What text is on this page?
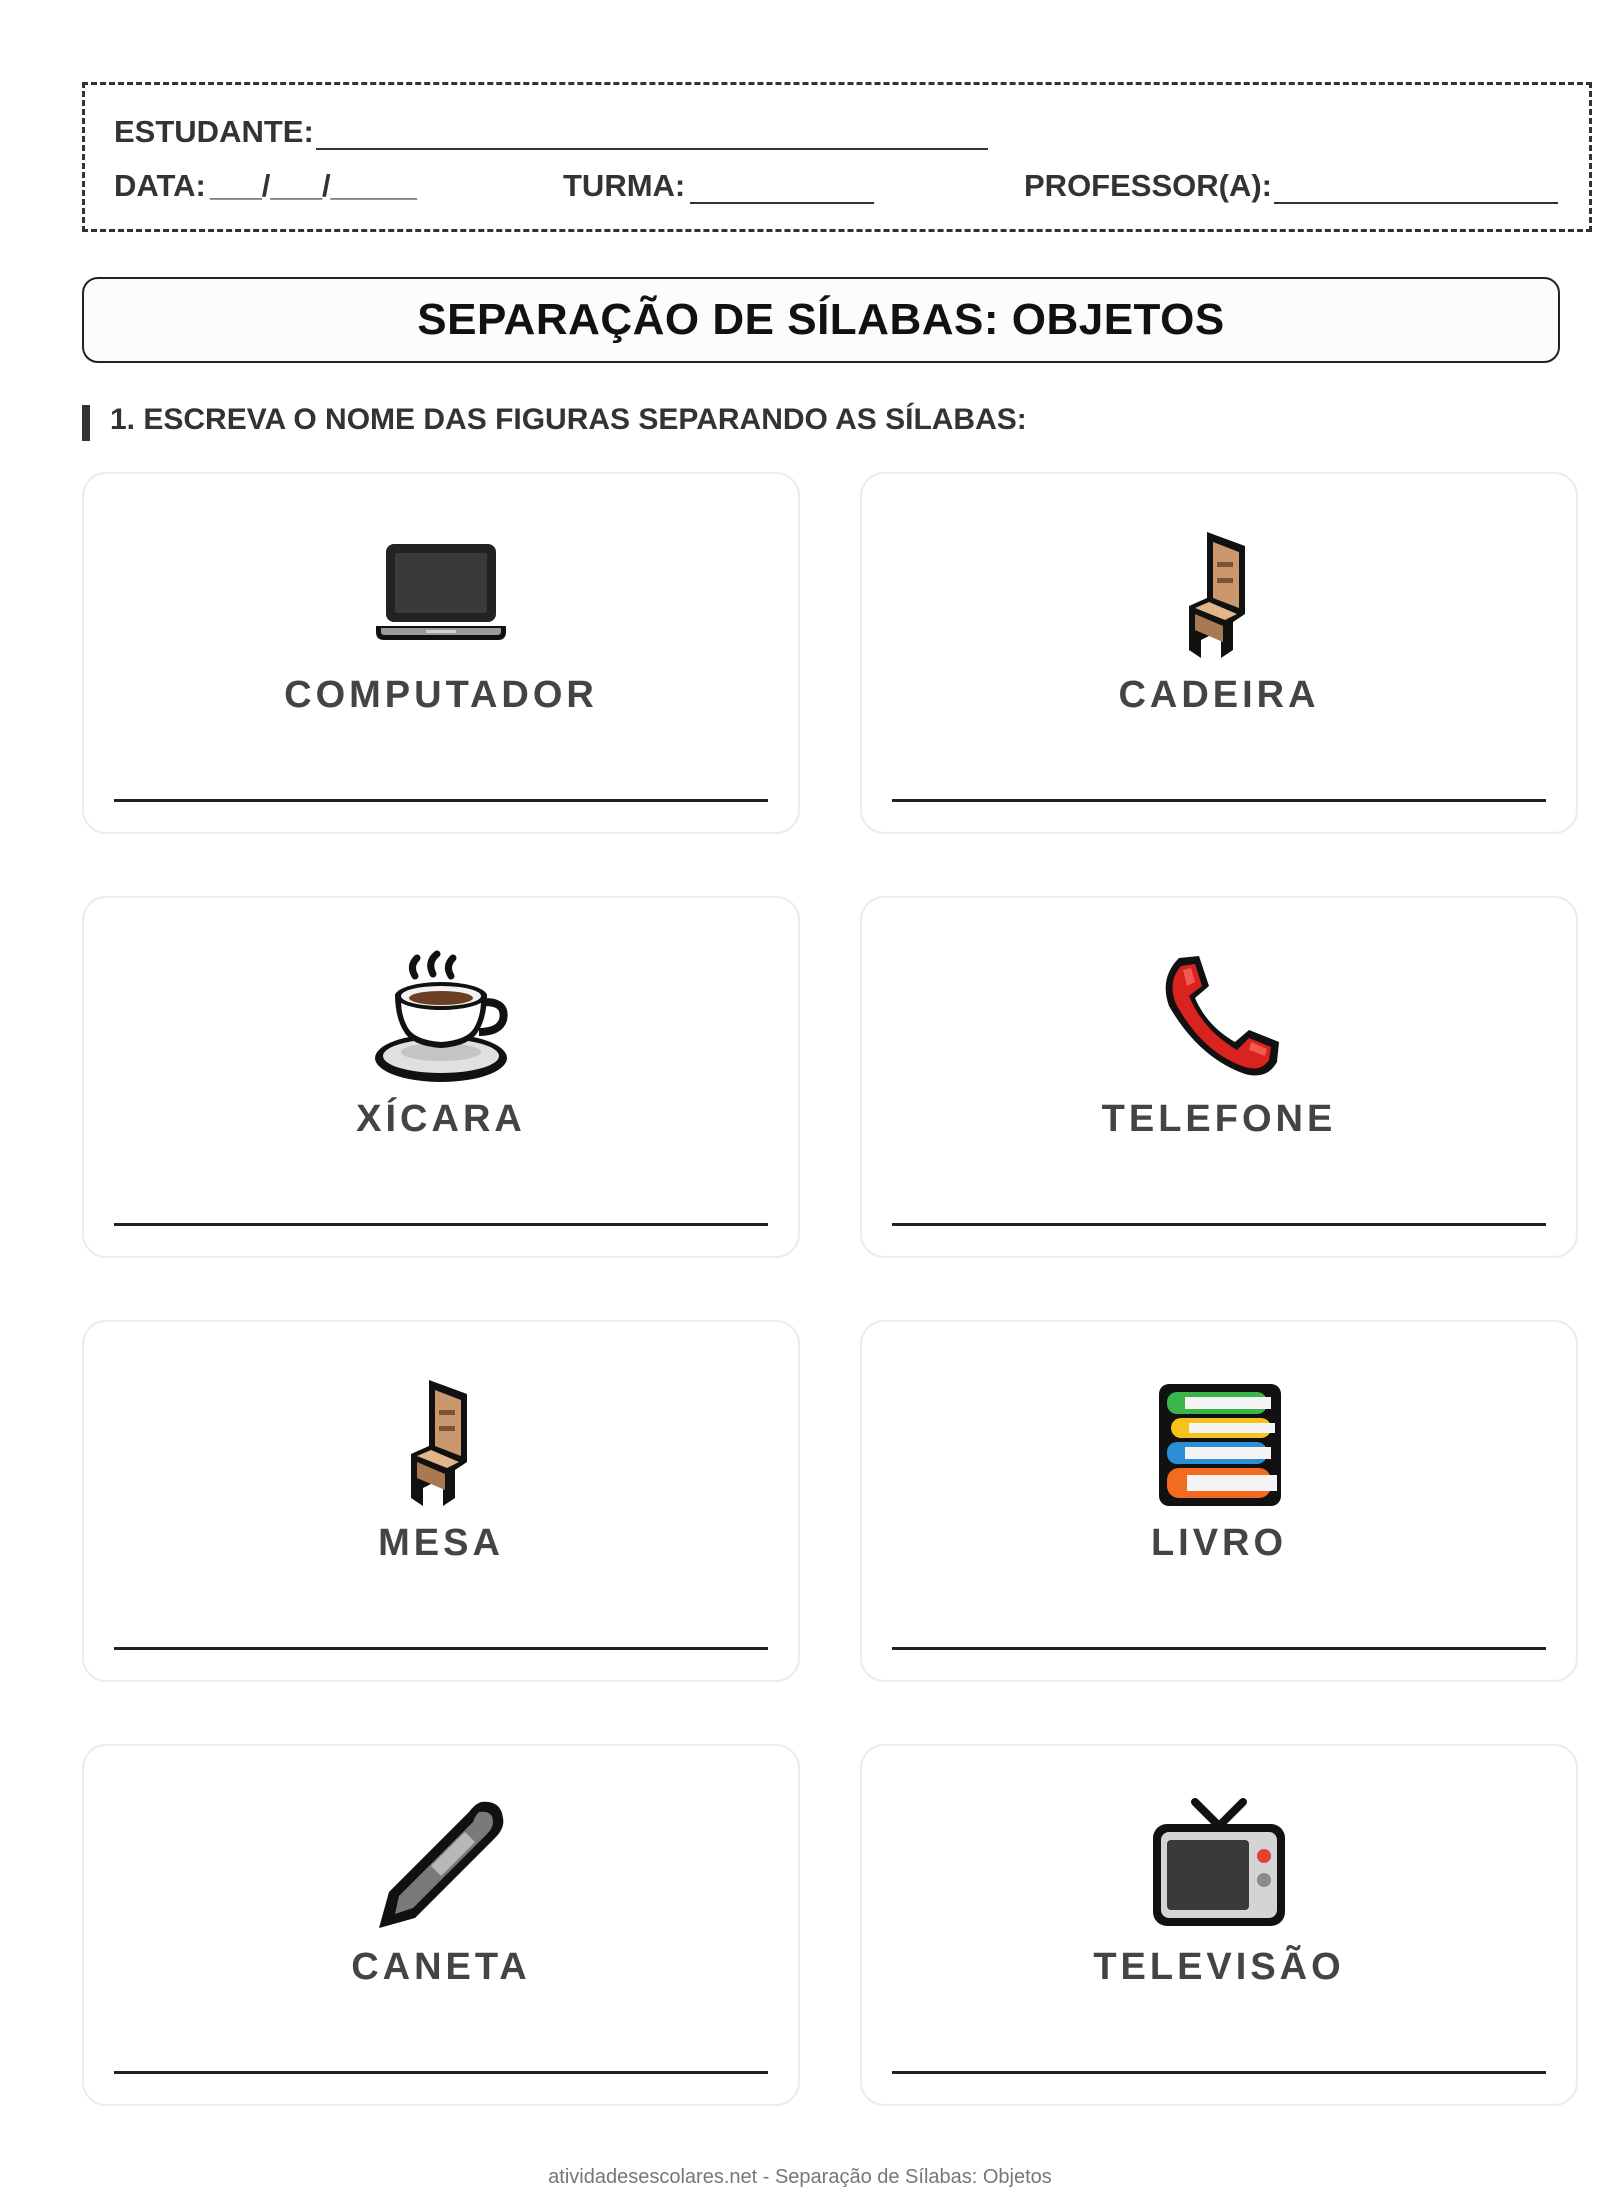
ESTUDANTE:
DATA: ___/___/_____	TURMA:	PROFESSOR(A):
SEPARAÇÃO DE SÍLABAS: OBJETOS
1. ESCREVA O NOME DAS FIGURAS SEPARANDO AS SÍLABAS:
COMPUTADOR	CADEIRA
XÍCARA	TELEFONE
MESA	LIVRO
CANETA	TELEVISÃO
atividadesescolares.net - Separação de Sílabas: Objetos
